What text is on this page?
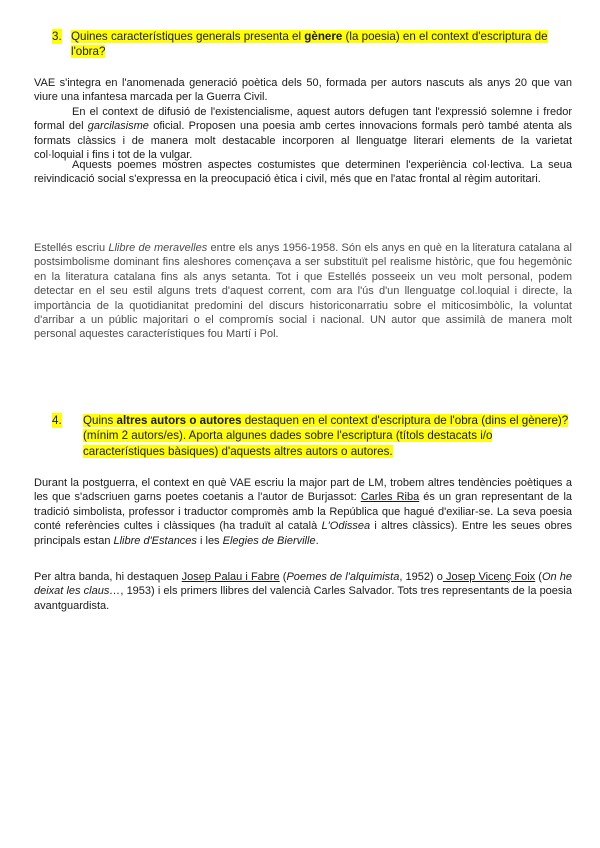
3. Quines característiques generals presenta el gènere (la poesia) en el context d'escriptura de l'obra?
VAE s'integra en l'anomenada generació poètica dels 50, formada per autors nascuts als anys 20 que van viure una infantesa marcada per la Guerra Civil.
En el context de difusió de l'existencialisme, aquest autors defugen tant l'expressió solemne i fredor formal del garcilasisme oficial. Proposen una poesia amb certes innovacions formals però també atenta als formats clàssics i de manera molt destacable incorporen al llenguatge literari elements de la varietat col·loquial i fins i tot de la vulgar.
Aquests poemes mostren aspectes costumistes que determinen l'experiència col·lectiva. La seua reivindicació social s'expressa en la preocupació ètica i civil, més que en l'atac frontal al règim autoritari.
Estellés escriu Llibre de meravelles entre els anys 1956-1958. Són els anys en què en la literatura catalana al postsimbolisme dominant fins aleshores començava a ser substituït pel realisme històric, que fou hegemònic en la literatura catalana fins als anys setanta. Tot i que Estellés posseeix un veu molt personal, podem detectar en el seu estil alguns trets d'aquest corrent, com ara l'ús d'un llenguatge col.loquial i directe, la importància de la quotidianitat predomini del discurs historiconarratiu sobre el miticosimbòlic, la voluntat d'arribar a un públic majoritari o el compromís social i nacional. UN autor que assimilà de manera molt personal aquestes característiques fou Martí i Pol.
4. Quins altres autors o autores destaquen en el context d'escriptura de l'obra (dins el gènere)? (mínim 2 autors/es). Aporta algunes dades sobre l'escriptura (títols destacats i/o característiques bàsiques) d'aquests altres autors o autores.
Durant la postguerra, el context en què VAE escriu la major part de LM, trobem altres tendències poètiques a les que s'adscriuen garns poetes coetanis a l'autor de Burjassot: Carles Riba és un gran representant de la tradició simbolista, professor i traductor compromès amb la República que hagué d'exiliar-se. La seva poesia conté referències cultes i clàssiques (ha traduït al català L'Odissea i altres clàssics). Entre les seues obres principals estan Llibre d'Estances i les Elegies de Bierville.
Per altra banda, hi destaquen Josep Palau i Fabre (Poemes de l'alquimista, 1952) o Josep Vicenç Foix (On he deixat les claus…, 1953) i els primers llibres del valencià Carles Salvador. Tots tres representants de la poesia avantguardista.
